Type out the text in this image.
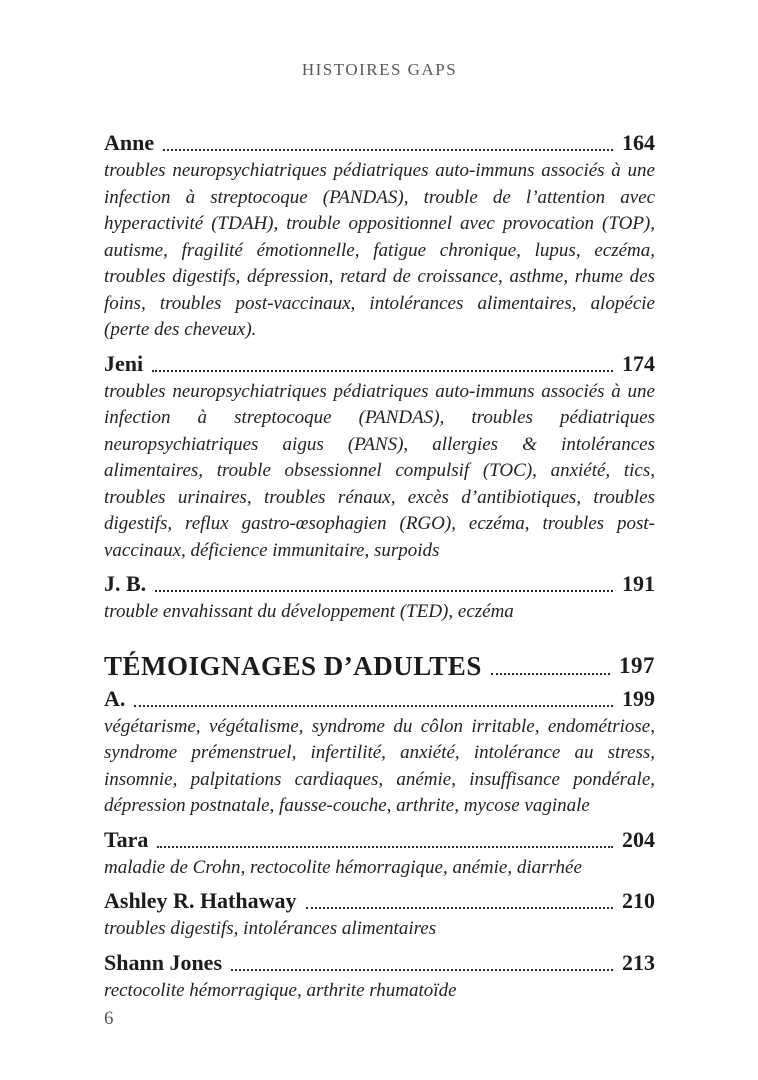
HISTOIRES GAPS
Anne	164

troubles neuropsychiatriques pédiatriques auto-immuns associés à une infection à streptocoque (PANDAS), trouble de l’attention avec hyperactivité (TDAH), trouble oppositionnel avec provocation (TOP), autisme, fragilité émotionnelle, fatigue chronique, lupus, eczéma, troubles digestifs, dépression, retard de croissance, asthme, rhume des foins, troubles post-vaccinaux, intolérances alimentaires, alopécie (perte des cheveux).

Jeni	174

troubles neuropsychiatriques pédiatriques auto-immuns associés à une infection à streptocoque (PANDAS), troubles pédiatriques neuropsychiatriques aigus (PANS), allergies & intolérances alimentaires, trouble obsessionnel compulsif (TOC), anxiété, tics, troubles urinaires, troubles rénaux, excès d’antibiotiques, troubles digestifs, reflux gastro-œsophagien (RGO), eczéma, troubles post-vaccinaux, déficience immunitaire, surpoids

J. B.	191

trouble envahissant du développement (TED), eczéma

TÉMOIGNAGES D’ADULTES	197
A.	199

végétarisme, végétalisme, syndrome du côlon irritable, endométriose, syndrome prémenstruel, infertilité, anxiété, intolérance au stress, insomnie, palpitations cardiaques, anémie, insuffisance pondérale, dépression postnatale, fausse-couche, arthrite, mycose vaginale

Tara	204

maladie de Crohn, rectocolite hémorragique, anémie, diarrhée

Ashley R. Hathaway	210

troubles digestifs, intolérances alimentaires

Shann Jones	213

rectocolite hémorragique, arthrite rhumatoïde

6
